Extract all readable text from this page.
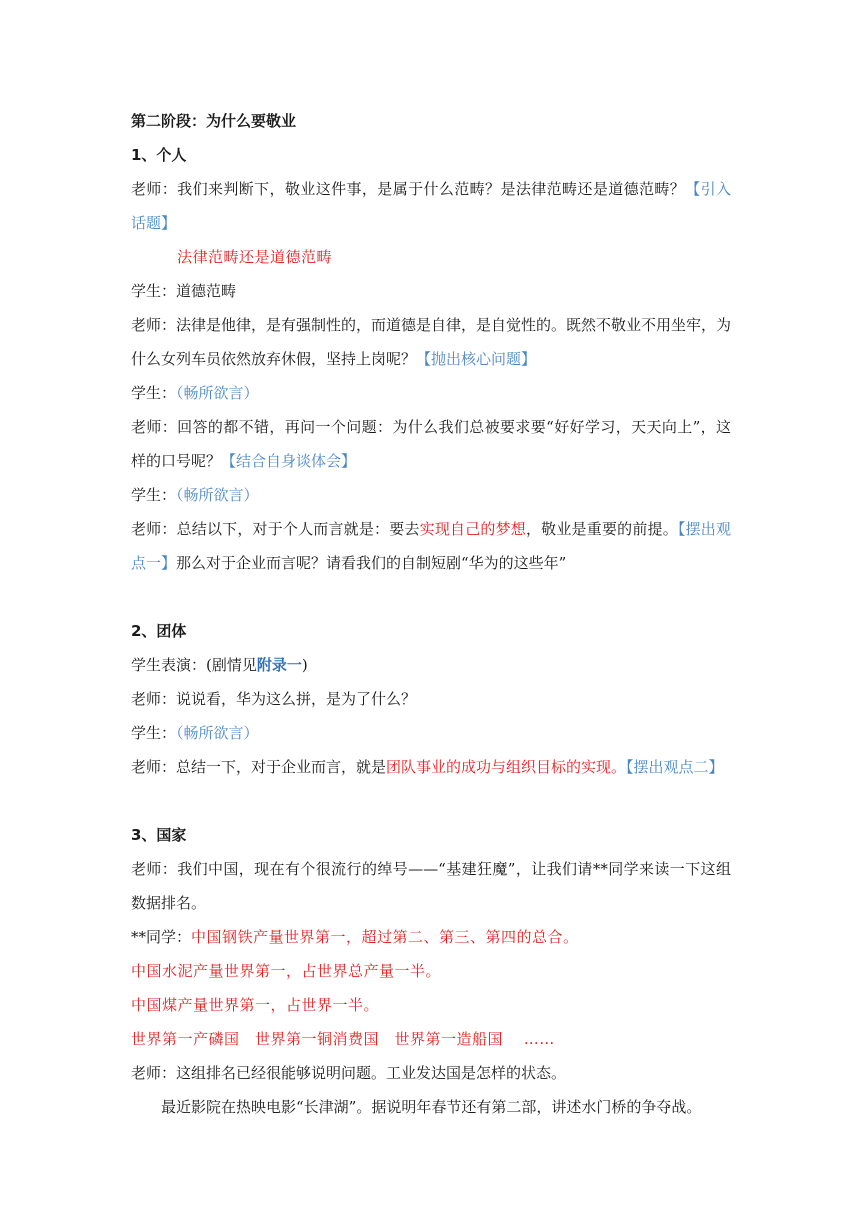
第二阶段：为什么要敬业
1、个人
老师：我们来判断下，敬业这件事，是属于什么范畴？是法律范畴还是道德范畴？【引入话题】
法律范畴还是道德范畴
学生：道德范畴
老师：法律是他律，是有强制性的，而道德是自律，是自觉性的。既然不敬业不用坐牢，为什么女列车员依然放弃休假，坚持上岗呢？【抛出核心问题】
学生：（畅所欲言）
老师：回答的都不错，再问一个问题：为什么我们总被要求要“好好学习，天天向上”，这样的口号呢？【结合自身谈体会】
学生：（畅所欲言）
老师：总结以下，对于个人而言就是：要去实现自己的梦想，敬业是重要的前提。【摆出观点一】那么对于企业而言呢？请看我们的自制短剧“华为的这些年”
2、团体
学生表演：(剧情见附录一)
老师：说说看，华为这么拼，是为了什么？
学生：（畅所欲言）
老师：总结一下，对于企业而言，就是团队事业的成功与组织目标的实现。【摆出观点二】
3、国家
老师：我们中国，现在有个很流行的绰号——“基建狂魔”，让我们请**同学来读一下这组数据排名。
**同学：中国钢铁产量世界第一，超过第二、第三、第四的总合。
中国水泥产量世界第一，占世界总产量一半。
中国煤产量世界第一，占世界一半。
世界第一产磷国　世界第一铜消费国　世界第一造船国　 ……
老师：这组排名已经很能够说明问题。工业发达国是怎样的状态。
　　最近影院在热映电影“长津湖”。据说明年春节还有第二部，讲述水门桥的争夺战。
